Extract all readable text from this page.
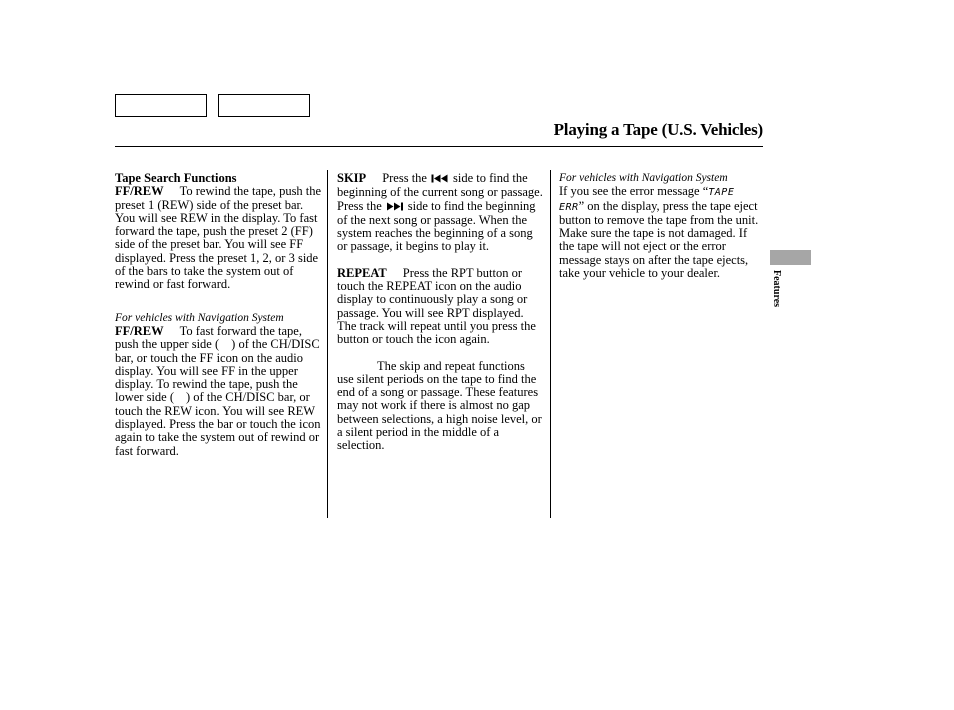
Playing a Tape (U.S. Vehicles)

Tape Search Functions

FF/REW To rewind the tape, push the preset 1 (REW) side of the preset bar. You will see REW in the display. To fast forward the tape, push the preset 2 (FF) side of the preset bar. You will see FF displayed. Press the preset 1, 2, or 3 side of the bars to take the system out of rewind or fast forward.

For vehicles with Navigation System

FF/REW To fast forward the tape, push the upper side ( ) of the CH/DISC bar, or touch the FF icon on the audio display. You will see FF in the upper display. To rewind the tape, push the lower side ( ) of the CH/DISC bar, or touch the REW icon. You will see REW displayed. Press the bar or touch the icon again to take the system out of rewind or fast forward.

SKIP Press the side to find the beginning of the current song or passage. Press the side to find the beginning of the next song or passage. When the system reaches the beginning of a song or passage, it begins to play it.

REPEAT Press the RPT button or touch the REPEAT icon on the audio display to continuously play a song or passage. You will see RPT displayed. The track will repeat until you press the button or touch the icon again.

The skip and repeat functions use silent periods on the tape to find the end of a song or passage. These features may not work if there is almost no gap between selections, a high noise level, or a silent period in the middle of a selection.

For vehicles with Navigation System

If you see the error message “TAPE ERR” on the display, press the tape eject button to remove the tape from the unit. Make sure the tape is not damaged. If the tape will not eject or the error message stays on after the tape ejects, take your vehicle to your dealer.	Features
